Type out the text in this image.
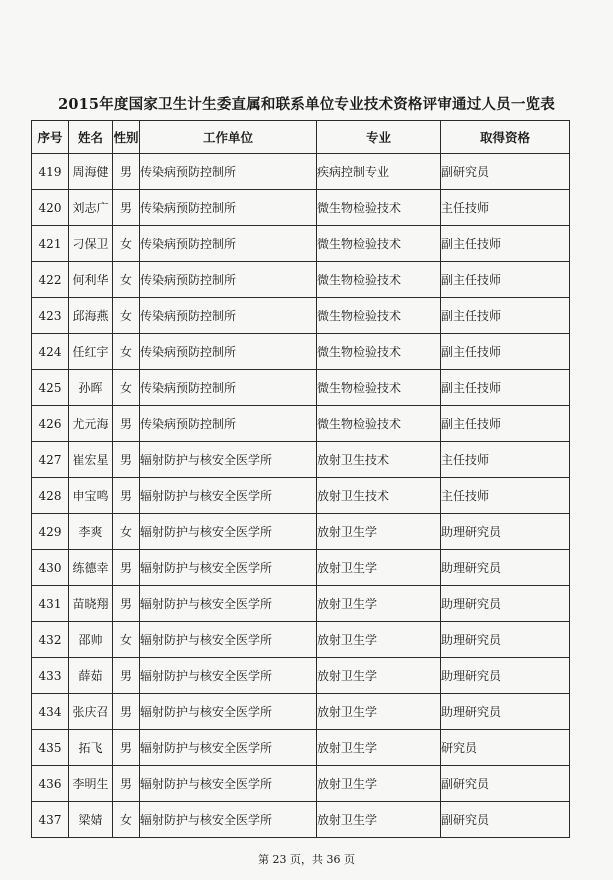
2015年度国家卫生计生委直属和联系单位专业技术资格评审通过人员一览表
序号	姓名	性别	工作单位	专业	取得资格
419	周海健	男	传染病预防控制所	疾病控制专业	副研究员
420	刘志广	男	传染病预防控制所	微生物检验技术	主任技师
421	刁保卫	女	传染病预防控制所	微生物检验技术	副主任技师
422	何利华	女	传染病预防控制所	微生物检验技术	副主任技师
423	邱海燕	女	传染病预防控制所	微生物检验技术	副主任技师
424	任红宇	女	传染病预防控制所	微生物检验技术	副主任技师
425	孙晖	女	传染病预防控制所	微生物检验技术	副主任技师
426	尤元海	男	传染病预防控制所	微生物检验技术	副主任技师
427	崔宏星	男	辐射防护与核安全医学所	放射卫生技术	主任技师
428	申宝鸣	男	辐射防护与核安全医学所	放射卫生技术	主任技师
429	李爽	女	辐射防护与核安全医学所	放射卫生学	助理研究员
430	练德幸	男	辐射防护与核安全医学所	放射卫生学	助理研究员
431	苗晓翔	男	辐射防护与核安全医学所	放射卫生学	助理研究员
432	邵帅	女	辐射防护与核安全医学所	放射卫生学	助理研究员
433	薛茹	男	辐射防护与核安全医学所	放射卫生学	助理研究员
434	张庆召	男	辐射防护与核安全医学所	放射卫生学	助理研究员
435	拓飞	男	辐射防护与核安全医学所	放射卫生学	研究员
436	李明生	男	辐射防护与核安全医学所	放射卫生学	副研究员
437	梁婧	女	辐射防护与核安全医学所	放射卫生学	副研究员
第 23 页，共 36 页
